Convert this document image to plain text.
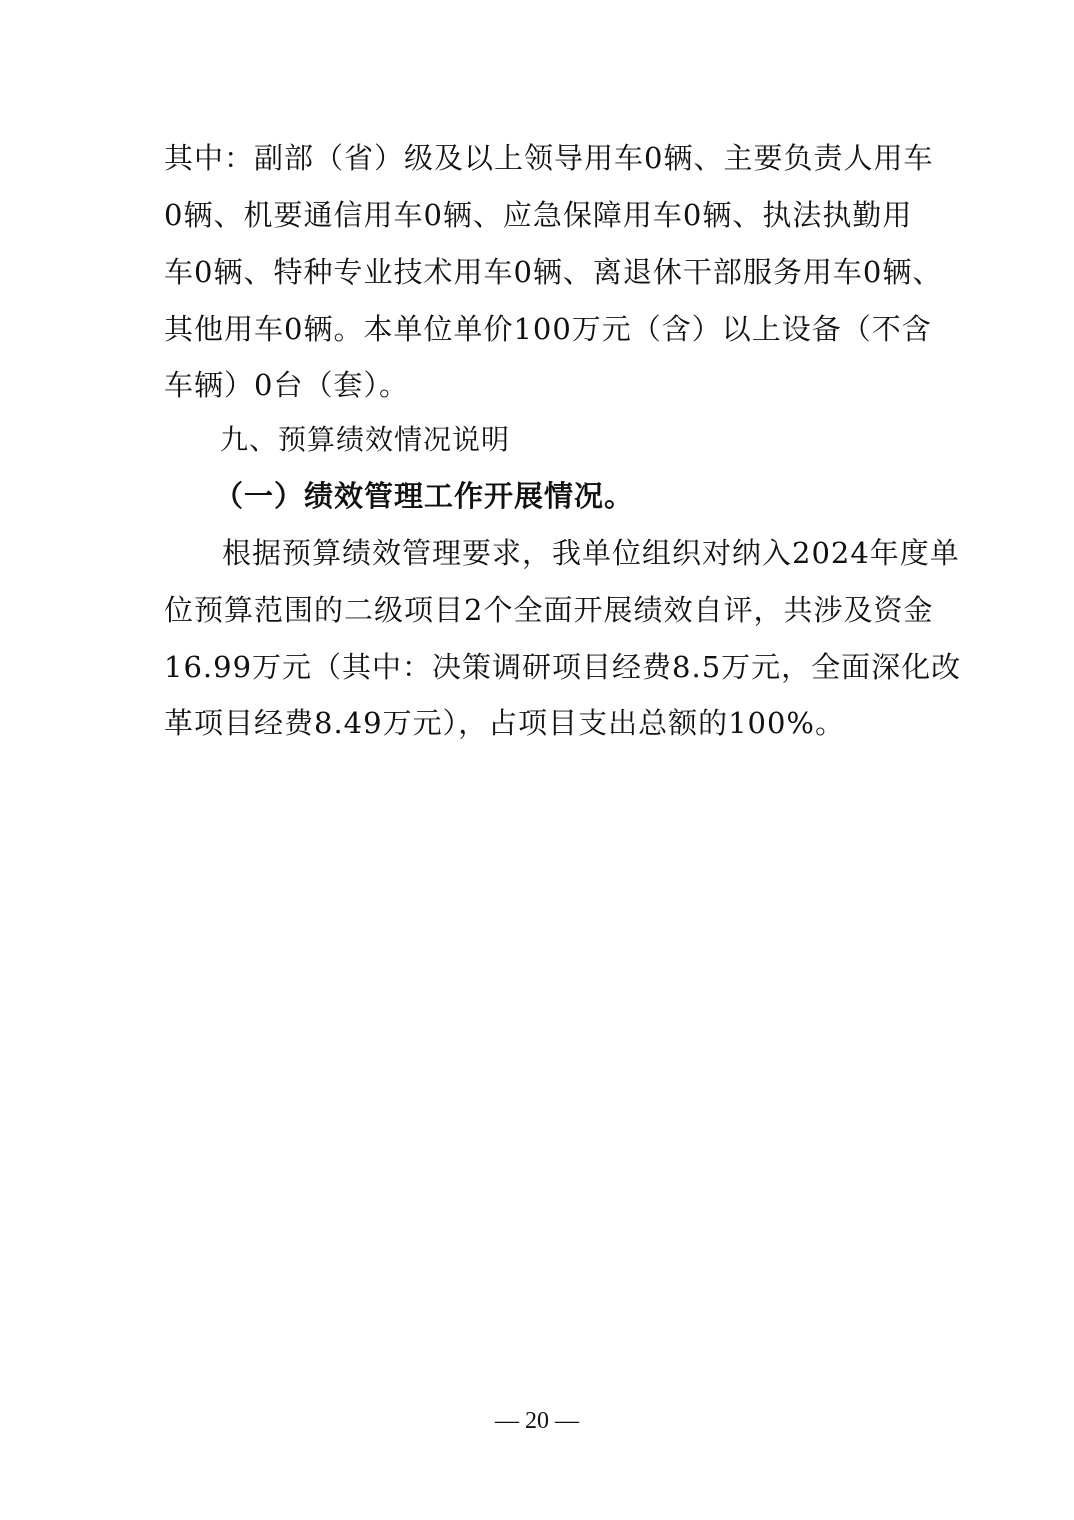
其中：副部（省）级及以上领导用车0辆、主要负责人用车
0辆、机要通信用车0辆、应急保障用车0辆、执法执勤用
车0辆、特种专业技术用车0辆、离退休干部服务用车0辆、
其他用车0辆。本单位单价100万元（含）以上设备（不含
车辆）0台（套）。
九、预算绩效情况说明
（一）绩效管理工作开展情况。
根据预算绩效管理要求，我单位组织对纳入2024年度单
位预算范围的二级项目2个全面开展绩效自评，共涉及资金
16.99万元（其中：决策调研项目经费8.5万元，全面深化改
革项目经费8.49万元），占项目支出总额的100%。
— 20 —
